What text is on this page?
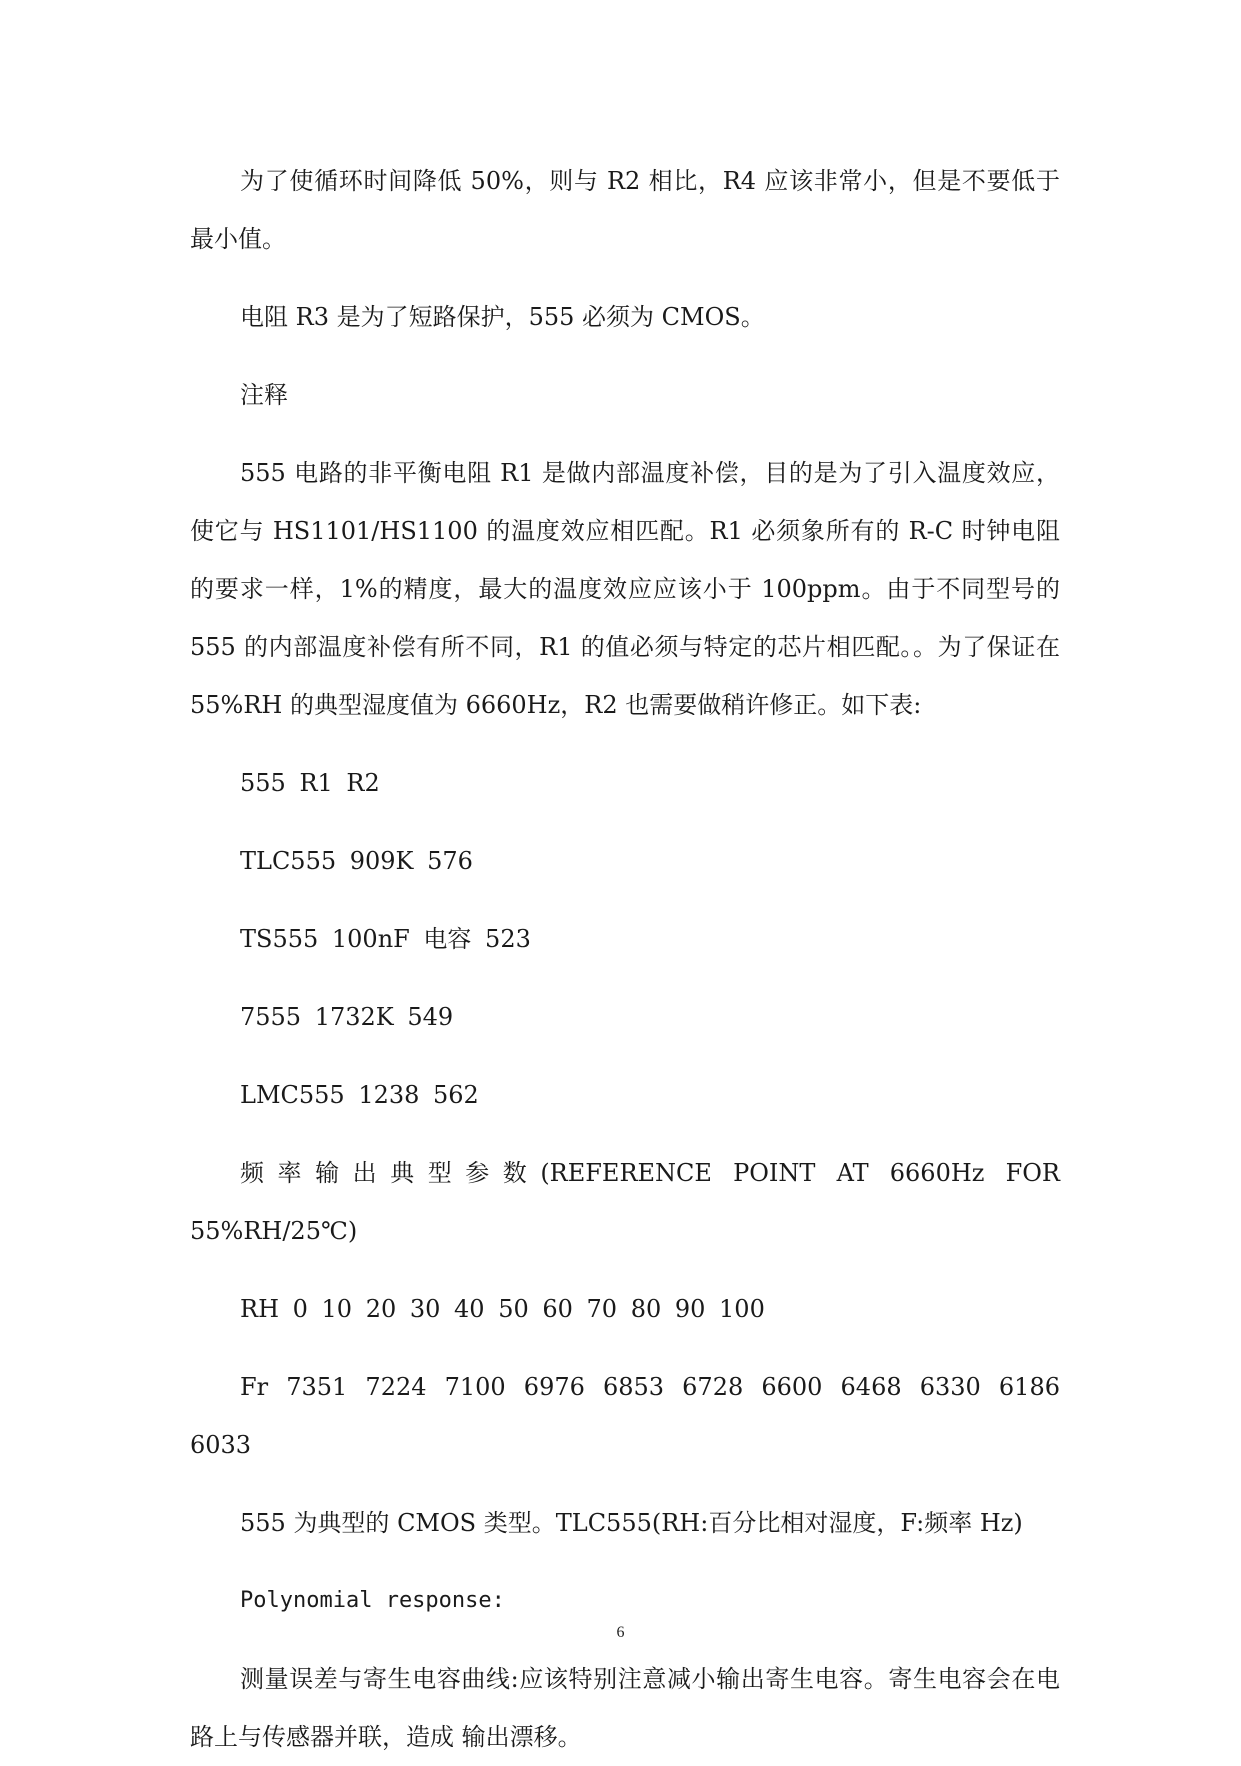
为了使循环时间降低 50%，则与 R2 相比，R4 应该非常小，但是不要低于最小值。

电阻 R3 是为了短路保护，555 必须为 CMOS。

注释

555 电路的非平衡电阻 R1 是做内部温度补偿，目的是为了引入温度效应，使它与 HS1101/HS1100 的温度效应相匹配。R1 必须象所有的 R-C 时钟电阻的要求一样，1%的精度，最大的温度效应应该小于 100ppm。由于不同型号的 555 的内部温度补偿有所不同，R1 的值必须与特定的芯片相匹配。。为了保证在 55%RH 的典型湿度值为 6660Hz，R2 也需要做稍许修正。如下表:

555 R1 R2

TLC555 909K 576

TS555 100nF 电容 523

7555 1732K 549

LMC555 1238 562

频率输出典型参数(REFERENCE POINT AT 6660Hz FOR 55%RH/25℃)

RH 0 10 20 30 40 50 60 70 80 90 100

Fr 7351 7224 7100 6976 6853 6728 6600 6468 6330 6186 6033

555 为典型的 CMOS 类型。TLC555(RH:百分比相对湿度，F:频率 Hz)

Polynomial response:

测量误差与寄生电容曲线:应该特别注意减小输出寄生电容。寄生电容会在电路上与传感器并联，造成 输出漂移。

6
